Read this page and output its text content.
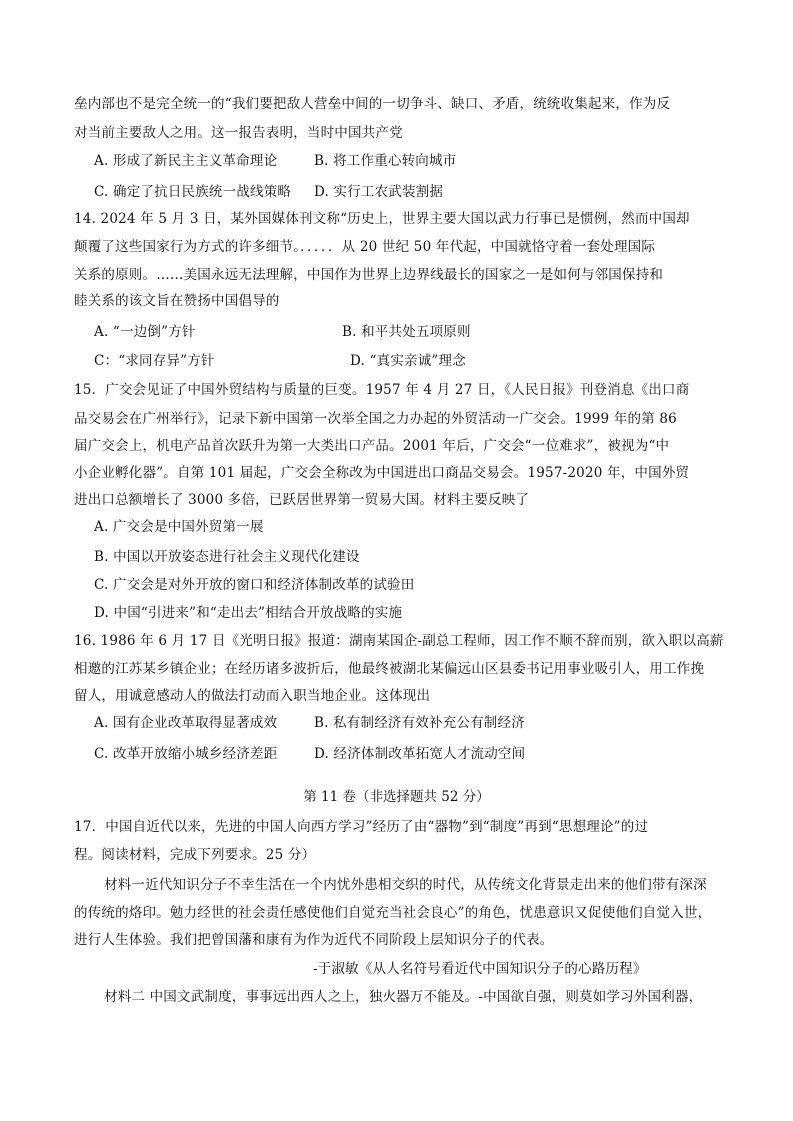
垒内部也不是完全统一的“我们要把敌人营垒中间的一切争斗、缺口、矛盾，统统收集起来，作为反
对当前主要敌人之用。这一报告表明，当时中国共产党
A. 形成了新民主主义革命理论	B. 将工作重心转向城市
C. 确定了抗日民族统一战线策略 D. 实行工农武装割据
14. 2024 年 5 月 3 日，某外国媒体刊文称“历史上，世界主要大国以武力行事已是惯例，然而中国却
颠覆了这些国家行为方式的许多细节。．．．．．从 20 世纪 50 年代起，中国就恪守着一套处理国际
关系的原则。……美国永远无法理解，中国作为世界上边界线最长的国家之一是如何与邻国保持和
睦关系的该文旨在赞扬中国倡导的
A. “一边倒”方针	B. 和平共处五项原则
C：“求同存异”方针	D. “真实亲诚”理念
15．广交会见证了中国外贸结构与质量的巨变。1957 年 4 月 27 日，《人民日报》刊登消息《出口商
品交易会在广州举行》，记录下新中国第一次举全国之力办起的外贸活动一广交会。1999 年的第 86
届广交会上，机电产品首次跃升为第一大类出口产品。2001 年后，广交会“一位难求”，被视为“中
小企业孵化器”。自第 101 届起，广交会全称改为中国进出口商品交易会。1957-2020 年，中国外贸
进出口总额增长了 3000 多倍，已跃居世界第一贸易大国。材料主要反映了
A. 广交会是中国外贸第一展
B. 中国以开放姿态进行社会主义现代化建设
C. 广交会是对外开放的窗口和经济体制改革的试验田
D. 中国“引进来”和“走出去”相结合开放战略的实施
16. 1986 年 6 月 17 日《光明日报》报道：湖南某国企-副总工程师，因工作不顺不辞而别，欲入职以高薪
相邀的江苏某乡镇企业；在经历诸多波折后，他最终被湖北某偏远山区县委书记用事业吸引人，用工作挽
留人，用诚意感动人的做法打动而入职当地企业。这体现出
A. 国有企业改革取得显著成效	B. 私有制经济有效补充公有制经济
C. 改革开放缩小城乡经济差距	D. 经济体制改革拓宽人才流动空间
第 11 卷（非选择题共 52 分）
17．中国自近代以来，先进的中国人向西方学习”经历了由“器物”到“制度”再到“思想理论”的过
程。阅读材料，完成下列要求。25 分）
材料一近代知识分子不幸生活在一个内忧外患相交织的时代，从传统文化背景走出来的他们带有深深
的传统的烙印。勉力经世的社会责任感使他们自觉充当社会良心”的角色，忧患意识又促使他们自觉入世，
进行人生体验。我们把曾国藩和康有为作为近代不同阶段上层知识分子的代表。
-于淑敏《从人名符号看近代中国知识分子的心路历程》
材料二 中国文武制度，事事远出西人之上，独火器万不能及。-中国欲自强，则莫如学习外国利器，
